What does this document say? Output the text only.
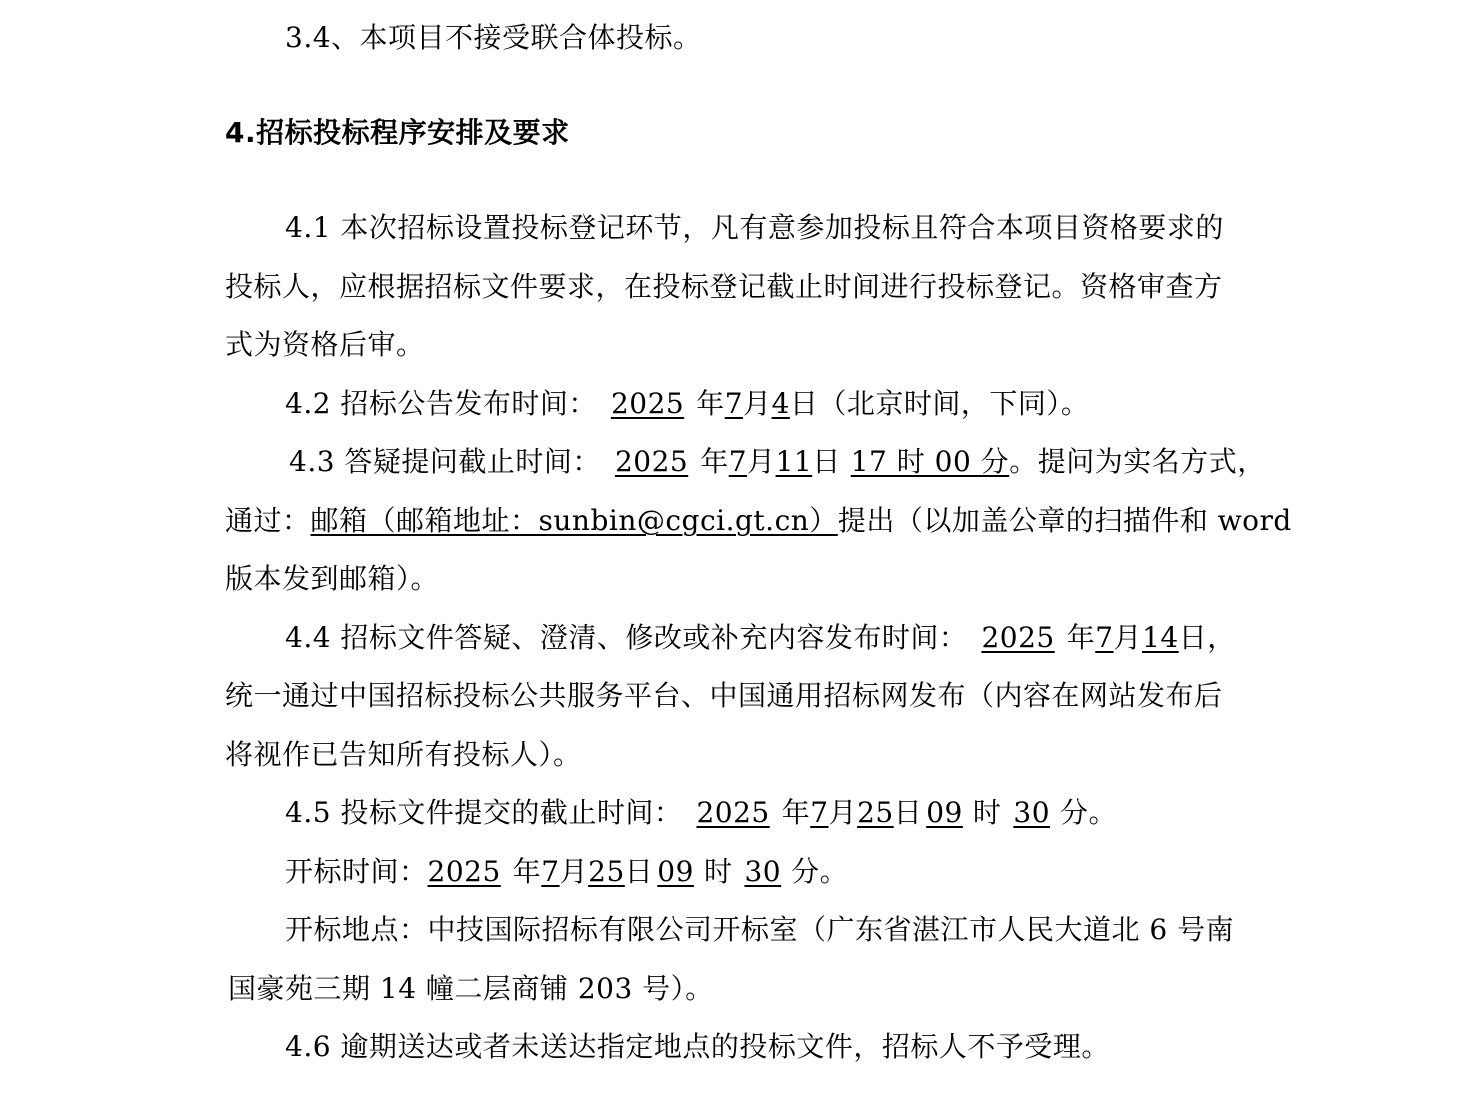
3.4、本项目不接受联合体投标。
4.招标投标程序安排及要求
4.1 本次招标设置投标登记环节，凡有意参加投标且符合本项目资格要求的
投标人，应根据招标文件要求，在投标登记截止时间进行投标登记。资格审查方
式为资格后审。
4.2 招标公告发布时间： 2025 年7月4日（北京时间，下同）。
4.3 答疑提问截止时间： 2025 年7月11日 17 时 00 分。提问为实名方式，
通过：邮箱（邮箱地址：sunbin@cgci.gt.cn）提出（以加盖公章的扫描件和 word
版本发到邮箱）。
4.4 招标文件答疑、澄清、修改或补充内容发布时间： 2025 年7月14日，
统一通过中国招标投标公共服务平台、中国通用招标网发布（内容在网站发布后
将视作已告知所有投标人）。
4.5 投标文件提交的截止时间： 2025 年7月25日 09 时 30 分。
开标时间：2025 年7月25日 09 时 30 分。
开标地点：中技国际招标有限公司开标室（广东省湛江市人民大道北 6 号南
国豪苑三期 14 幢二层商铺 203 号）。
4.6 逾期送达或者未送达指定地点的投标文件，招标人不予受理。
